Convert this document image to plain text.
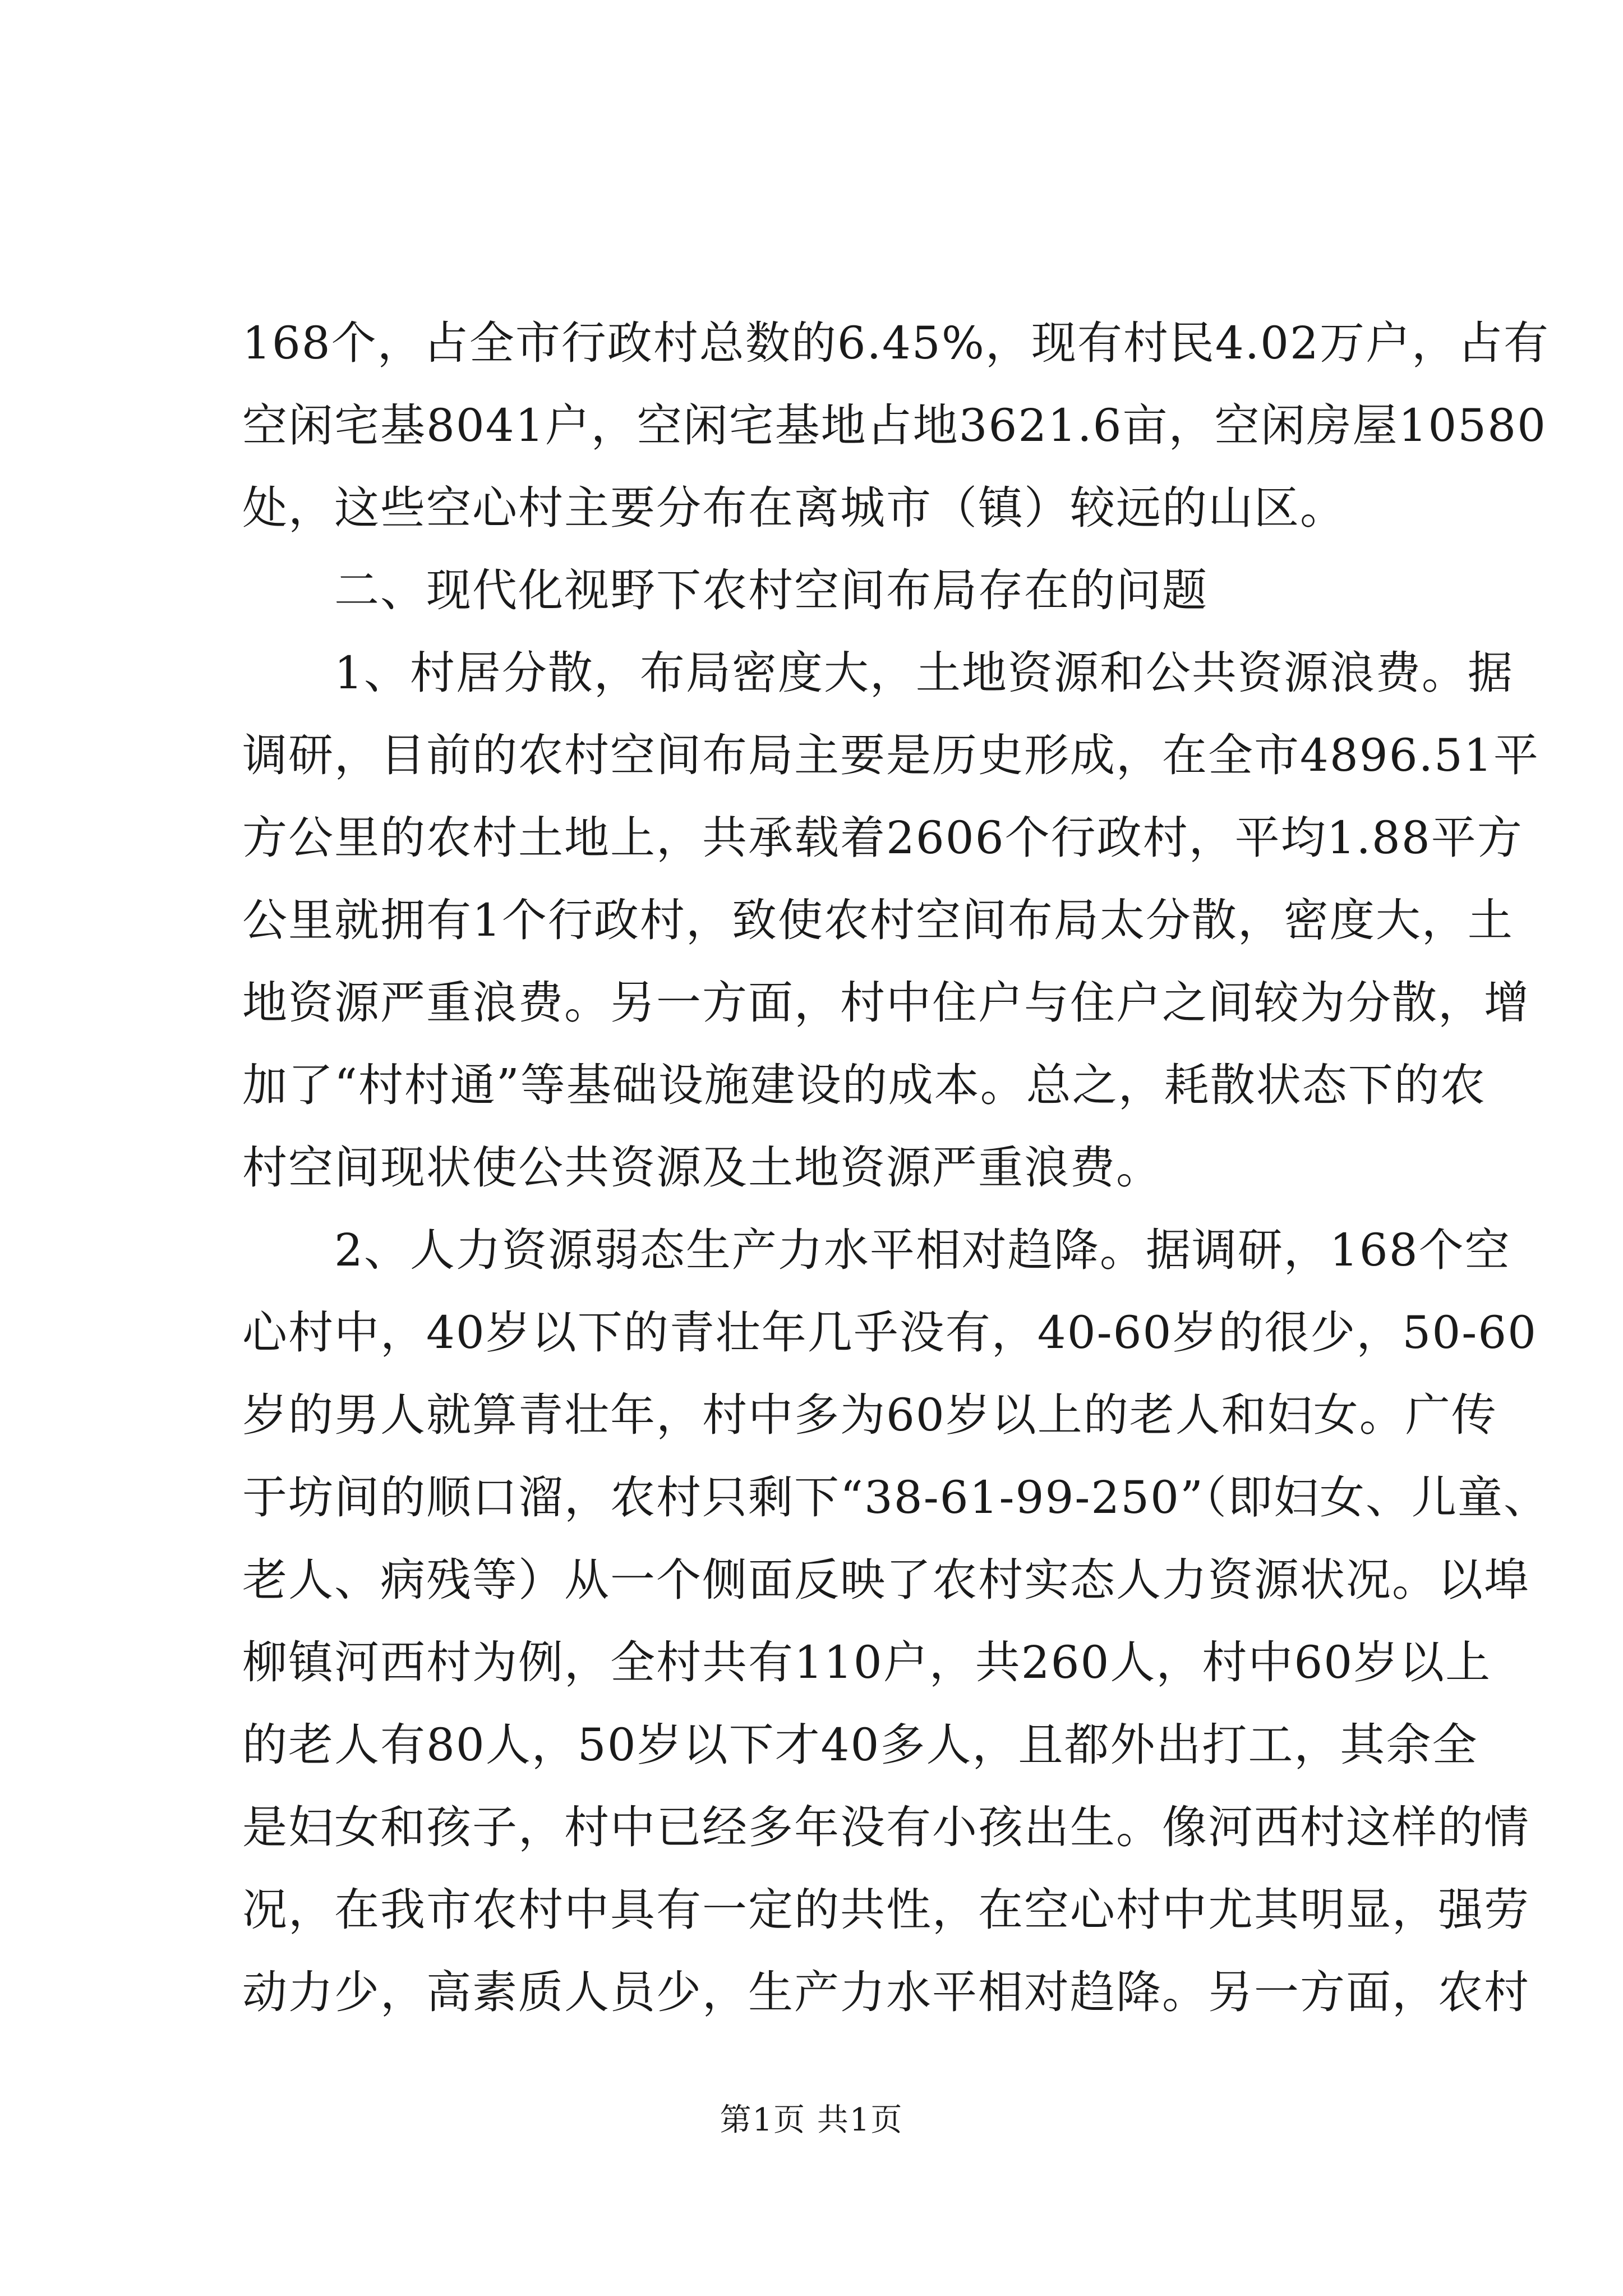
168个，占全市行政村总数的6.45%，现有村民4.02万户，占有
空闲宅基8041户，空闲宅基地占地3621.6亩，空闲房屋10580
处，这些空心村主要分布在离城市（镇）较远的山区。
二、现代化视野下农村空间布局存在的问题
1、村居分散，布局密度大，土地资源和公共资源浪费。据
调研，目前的农村空间布局主要是历史形成，在全市4896.51平
方公里的农村土地上，共承载着2606个行政村，平均1.88平方
公里就拥有1个行政村，致使农村空间布局太分散，密度大，土
地资源严重浪费。另一方面，村中住户与住户之间较为分散，增
加了“村村通”等基础设施建设的成本。总之，耗散状态下的农
村空间现状使公共资源及土地资源严重浪费。
2、人力资源弱态生产力水平相对趋降。据调研，168个空
心村中，40岁以下的青壮年几乎没有，40-60岁的很少，50-60
岁的男人就算青壮年，村中多为60岁以上的老人和妇女。广传
于坊间的顺口溜，农村只剩下“38-61-99-250”（即妇女、儿童、
老人、病残等）从一个侧面反映了农村实态人力资源状况。以埠
柳镇河西村为例，全村共有110户，共260人，村中60岁以上
的老人有80人，50岁以下才40多人，且都外出打工，其余全
是妇女和孩子，村中已经多年没有小孩出生。像河西村这样的情
况，在我市农村中具有一定的共性，在空心村中尤其明显，强劳
动力少，高素质人员少，生产力水平相对趋降。另一方面，农村
第1页 共1页
